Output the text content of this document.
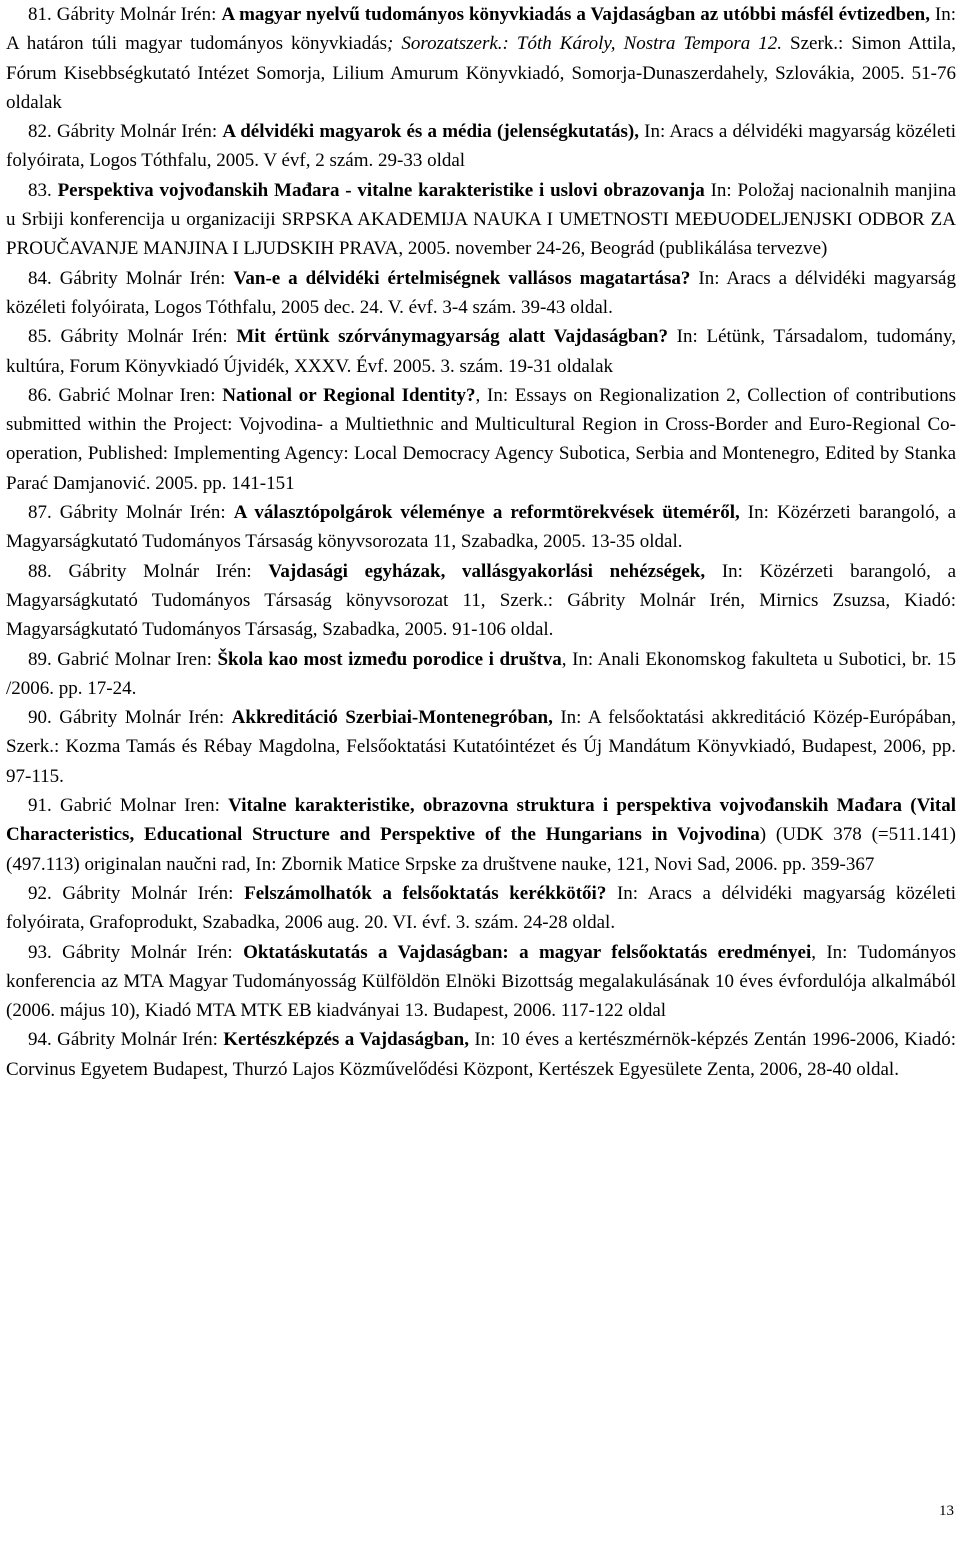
81. Gábrity Molnár Irén: A magyar nyelvű tudományos könyvkiadás a Vajdaságban az utóbbi másfél évtizedben, In: A határon túli magyar tudományos könyvkiadás; Sorozatszerk.: Tóth Károly, Nostra Tempora 12. Szerk.: Simon Attila, Fórum Kisebbségkutató Intézet Somorja, Lilium Amurum Könyvkiadó, Somorja-Dunaszerdahely, Szlovákia, 2005. 51-76 oldalak

82. Gábrity Molnár Irén: A délvidéki magyarok és a média (jelenségkutatás), In: Aracs a délvidéki magyarság közéleti folyóirata, Logos Tóthfalu, 2005. V évf, 2 szám. 29-33 oldal

83. Perspektiva vojvođanskih Mađara - vitalne karakteristike i uslovi obrazovanja In: Položaj nacionalnih manjina u Srbiji konferencija u organizaciji SRPSKA AKADEMIJA NAUKA I UMETNOSTI MEĐUODELJENJSKI ODBOR ZA PROUČAVANJE MANJINA I LJUDSKIH PRAVA, 2005. november 24-26, Beográd (publikálása tervezve)

84. Gábrity Molnár Irén: Van-e a délvidéki értelmiségnek vallásos magatartása? In: Aracs a délvidéki magyarság közéleti folyóirata, Logos Tóthfalu, 2005 dec. 24. V. évf. 3-4 szám. 39-43 oldal.

85. Gábrity Molnár Irén: Mit értünk szórványmagyarság alatt Vajdaságban? In: Létünk, Társadalom, tudomány, kultúra, Forum Könyvkiadó Újvidék, XXXV. Évf. 2005. 3. szám. 19-31 oldalak

86. Gabrić Molnar Iren: National or Regional Identity?, In: Essays on Regionalization 2, Collection of contributions submitted within the Project: Vojvodina- a Multiethnic and Multicultural Region in Cross-Border and Euro-Regional Co-operation, Published: Implementing Agency: Local Democracy Agency Subotica, Serbia and Montenegro, Edited by Stanka Parać Damjanović. 2005. pp. 141-151

87. Gábrity Molnár Irén: A választópolgárok véleménye a reformtörekvések üteméről, In: Közérzeti barangoló, a Magyarságkutató Tudományos Társaság könyvsorozata 11, Szabadka, 2005. 13-35 oldal.

88. Gábrity Molnár Irén: Vajdasági egyházak, vallásgyakorlási nehézségek, In: Közérzeti barangoló, a Magyarságkutató Tudományos Társaság könyvsorozat 11, Szerk.: Gábrity Molnár Irén, Mirnics Zsuzsa, Kiadó: Magyarságkutató Tudományos Társaság, Szabadka, 2005. 91-106 oldal.

89. Gabrić Molnar Iren: Škola kao most između porodice i društva, In: Anali Ekonomskog fakulteta u Subotici, br. 15 /2006. pp. 17-24.

90. Gábrity Molnár Irén: Akkreditáció Szerbiai-Montenegróban, In: A felsőoktatási akkreditáció Közép-Európában, Szerk.: Kozma Tamás és Rébay Magdolna, Felsőoktatási Kutatóintézet és Új Mandátum Könyvkiadó, Budapest, 2006, pp. 97-115.

91. Gabrić Molnar Iren: Vitalne karakteristike, obrazovna struktura i perspektiva vojvođanskih Mađara (Vital Characteristics, Educational Structure and Perspektive of the Hungarians in Vojvodina) (UDK 378 (=511.141)(497.113) originalan naučni rad, In: Zbornik Matice Srpske za društvene nauke, 121, Novi Sad, 2006. pp. 359-367

92. Gábrity Molnár Irén: Felszámolhatók a felsőoktatás kerékkötői? In: Aracs a délvidéki magyarság közéleti folyóirata, Grafoprodukt, Szabadka, 2006 aug. 20. VI. évf. 3. szám. 24-28 oldal.

93. Gábrity Molnár Irén: Oktatáskutatás a Vajdaságban: a magyar felsőoktatás eredményei, In: Tudományos konferencia az MTA Magyar Tudományosság Külföldön Elnöki Bizottság megalakulásának 10 éves évfordulója alkalmából (2006. május 10), Kiadó MTA MTK EB kiadványai 13. Budapest, 2006. 117-122 oldal

94. Gábrity Molnár Irén: Kertészképzés a Vajdaságban, In: 10 éves a kertészmérnök-képzés Zentán 1996-2006, Kiadó: Corvinus Egyetem Budapest, Thurzó Lajos Közművelődési Központ, Kertészek Egyesülete Zenta, 2006, 28-40 oldal.

13
